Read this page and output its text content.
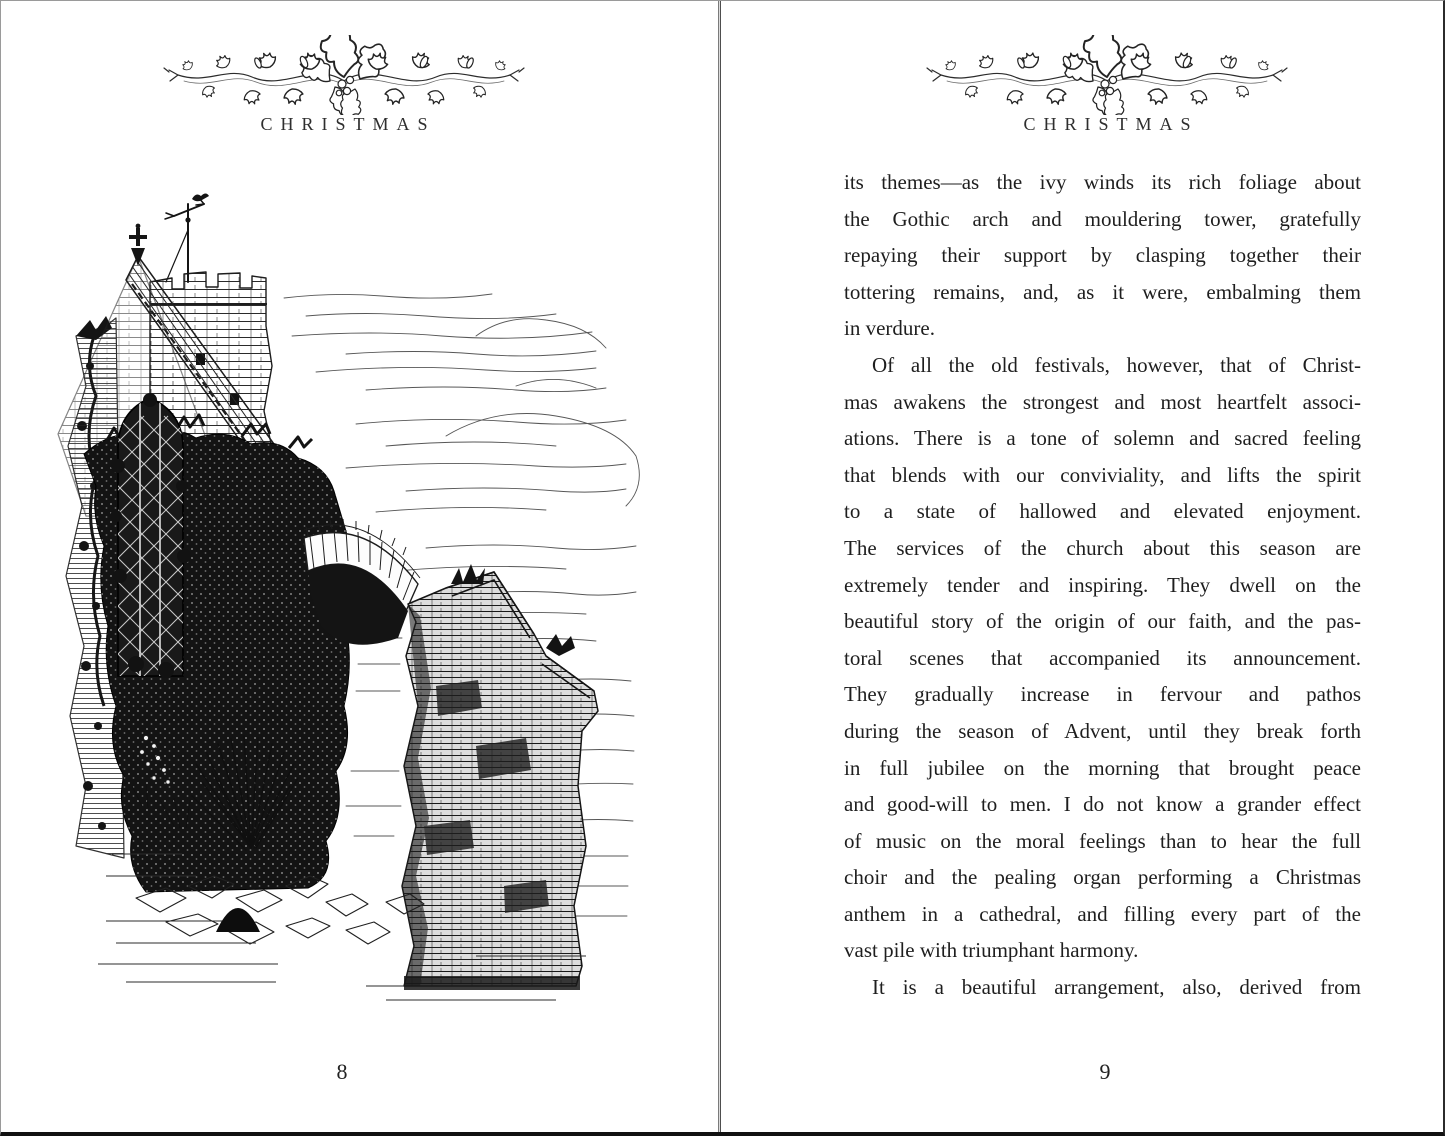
CHRISTMAS
8
CHRISTMAS
its themes—as the ivy winds its rich foliage about
the Gothic arch and mouldering tower, gratefully
repaying their support by clasping together their
tottering remains, and, as it were, embalming them
in verdure.
Of all the old festivals, however, that of Christ-
mas awakens the strongest and most heartfelt associ-
ations. There is a tone of solemn and sacred feeling
that blends with our conviviality, and lifts the spirit
to a state of hallowed and elevated enjoyment.
The services of the church about this season are
extremely tender and inspiring. They dwell on the
beautiful story of the origin of our faith, and the pas-
toral scenes that accompanied its announcement.
They gradually increase in fervour and pathos
during the season of Advent, until they break forth
in full jubilee on the morning that brought peace
and good-will to men. I do not know a grander effect
of music on the moral feelings than to hear the full
choir and the pealing organ performing a Christmas
anthem in a cathedral, and filling every part of the
vast pile with triumphant harmony.
It is a beautiful arrangement, also, derived from
9
